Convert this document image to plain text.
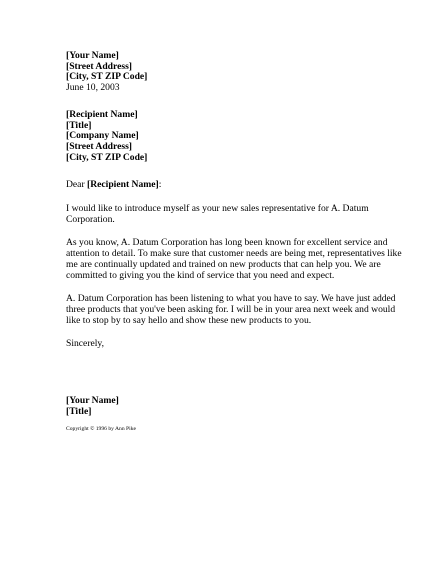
[Your Name]
[Street Address]
[City, ST ZIP Code]
June 10, 2003
[Recipient Name]
[Title]
[Company Name]
[Street Address]
[City, ST ZIP Code]
Dear [Recipient Name]:

I would like to introduce myself as your new sales representative for A. Datum Corporation.

As you know, A. Datum Corporation has long been known for excellent service and attention to detail. To make sure that customer needs are being met, representatives like me are continually updated and trained on new products that can help you. We are committed to giving you the kind of service that you need and expect.

A. Datum Corporation has been listening to what you have to say. We have just added three products that you've been asking for. I will be in your area next week and would like to stop by to say hello and show these new products to you.

Sincerely,
[Your Name]
[Title]
Copyright © 1996 by Ann Pike
